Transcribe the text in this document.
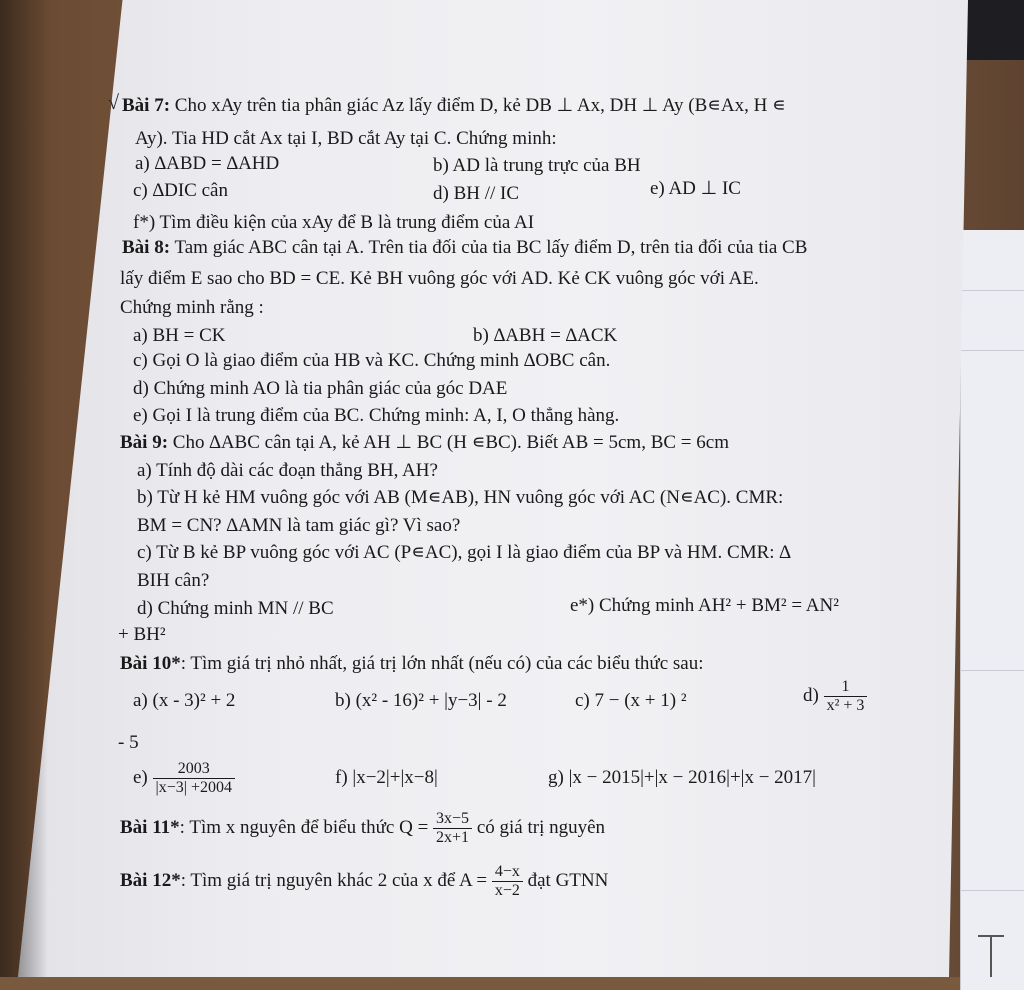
√ Bài 7: Cho xAy trên tia phân giác Az lấy điểm D, kẻ DB ⊥ Ax, DH ⊥ Ay (B∊Ax, H ∊
Ay). Tia HD cắt Ax tại I, BD cắt Ay tại C. Chứng minh:
a) ∆ABD = ∆AHD	b) AD là trung trực của BH
c) ∆DIC cân	d) BH // IC	e) AD ⊥ IC
f*) Tìm điều kiện của xAy để B là trung điểm của AI
Bài 8: Tam giác ABC cân tại A. Trên tia đối của tia BC lấy điểm D, trên tia đối của tia CB
lấy điểm E sao cho BD = CE. Kẻ BH vuông góc với AD. Kẻ CK vuông góc với AE.
Chứng minh rằng :
a) BH = CK	b) ∆ABH = ∆ACK
c) Gọi O là giao điểm của HB và KC. Chứng minh ∆OBC cân.
d) Chứng minh AO là tia phân giác của góc DAE
e) Gọi I là trung điểm của BC. Chứng minh: A, I, O thẳng hàng.
Bài 9: Cho ∆ABC cân tại A, kẻ AH ⊥ BC (H ∊BC). Biết AB = 5cm, BC = 6cm
a) Tính độ dài các đoạn thẳng BH, AH?
b) Từ H kẻ HM vuông góc với AB (M∊AB), HN vuông góc với AC (N∊AC). CMR:
BM = CN? ∆AMN là tam giác gì? Vì sao?
c) Từ B kẻ BP vuông góc với AC (P∊AC), gọi I là giao điểm của BP và HM. CMR: ∆
BIH cân?
d) Chứng minh MN // BC	e*) Chứng minh AH² + BM² = AN²
+ BH²
Bài 10*: Tìm giá trị nhỏ nhất, giá trị lớn nhất (nếu có) của các biểu thức sau:
a) (x - 3)² + 2	b) (x² - 16)² + |y−3| - 2	c) 7 − (x + 1) ²	$d) \frac{1}{\text{x² + 3}}$
- 5
$e) \frac{2003}{|x-3| +2004}$	f) |x−2|+|x−8|	g) |x − 2015|+|x − 2016|+|x − 2017|
Bài 11*: Tìm x nguyên để biểu thức $Q = \frac{3x-5}{2x+1}$ có giá trị nguyên
Bài 12*: Tìm giá trị nguyên khác 2 của x để $A = \frac{4-x}{x-2}$ đạt GTNN
